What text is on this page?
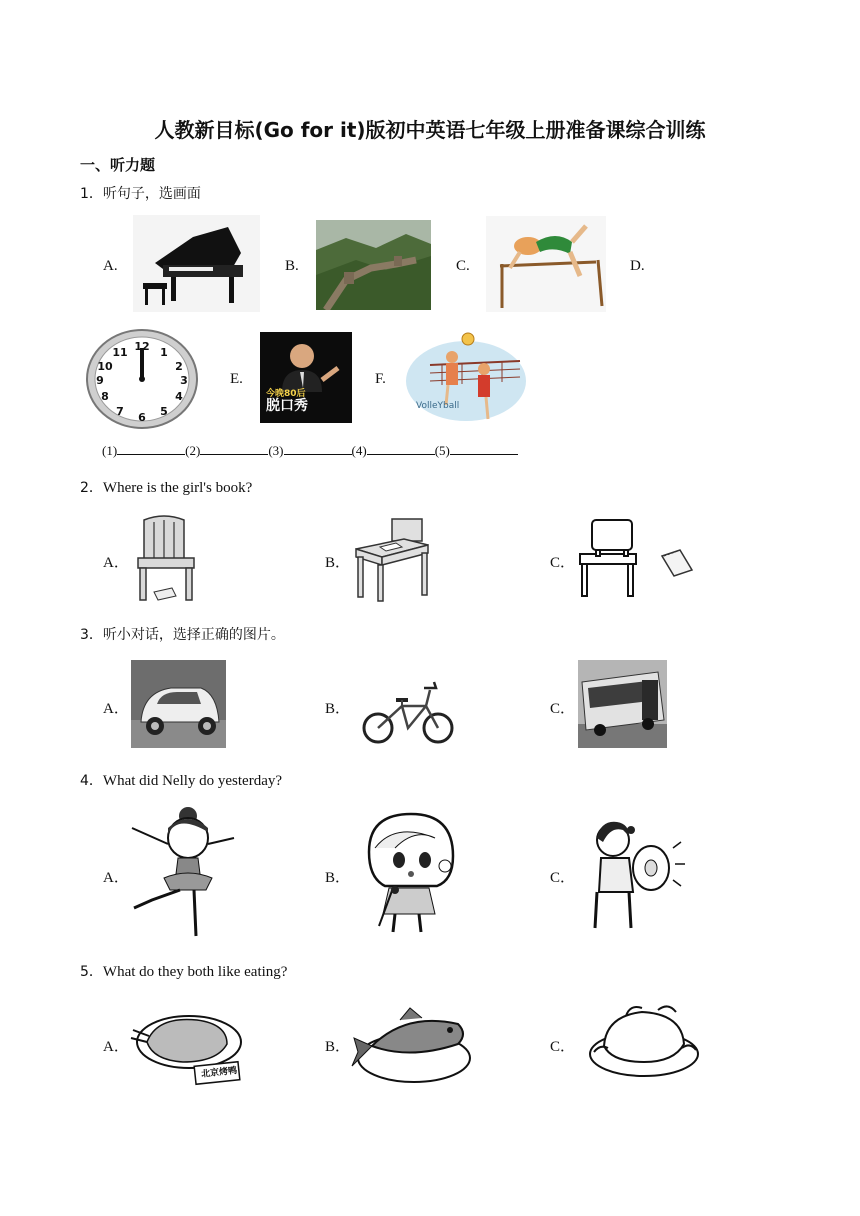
人教新目标(Go for it)版初中英语七年级上册准备课综合训练
一、听力题
1．听句子，选画面
A.	B.	C.	D.
12 1
2
3
4
5
6
7
8
9
10
11
E.
今晚80后
脱口秀
F.
VolleYball
(1)	(2)	(3)	(4)	(5)
2．Where is the girl's book?
A．	B．	C．
3．听小对话，选择正确的图片。
A．	B．	C．
4．What did Nelly do yesterday?
A．	B．	C．
5．What do they both like eating?
A．
北京烤鸭
B．	C．
